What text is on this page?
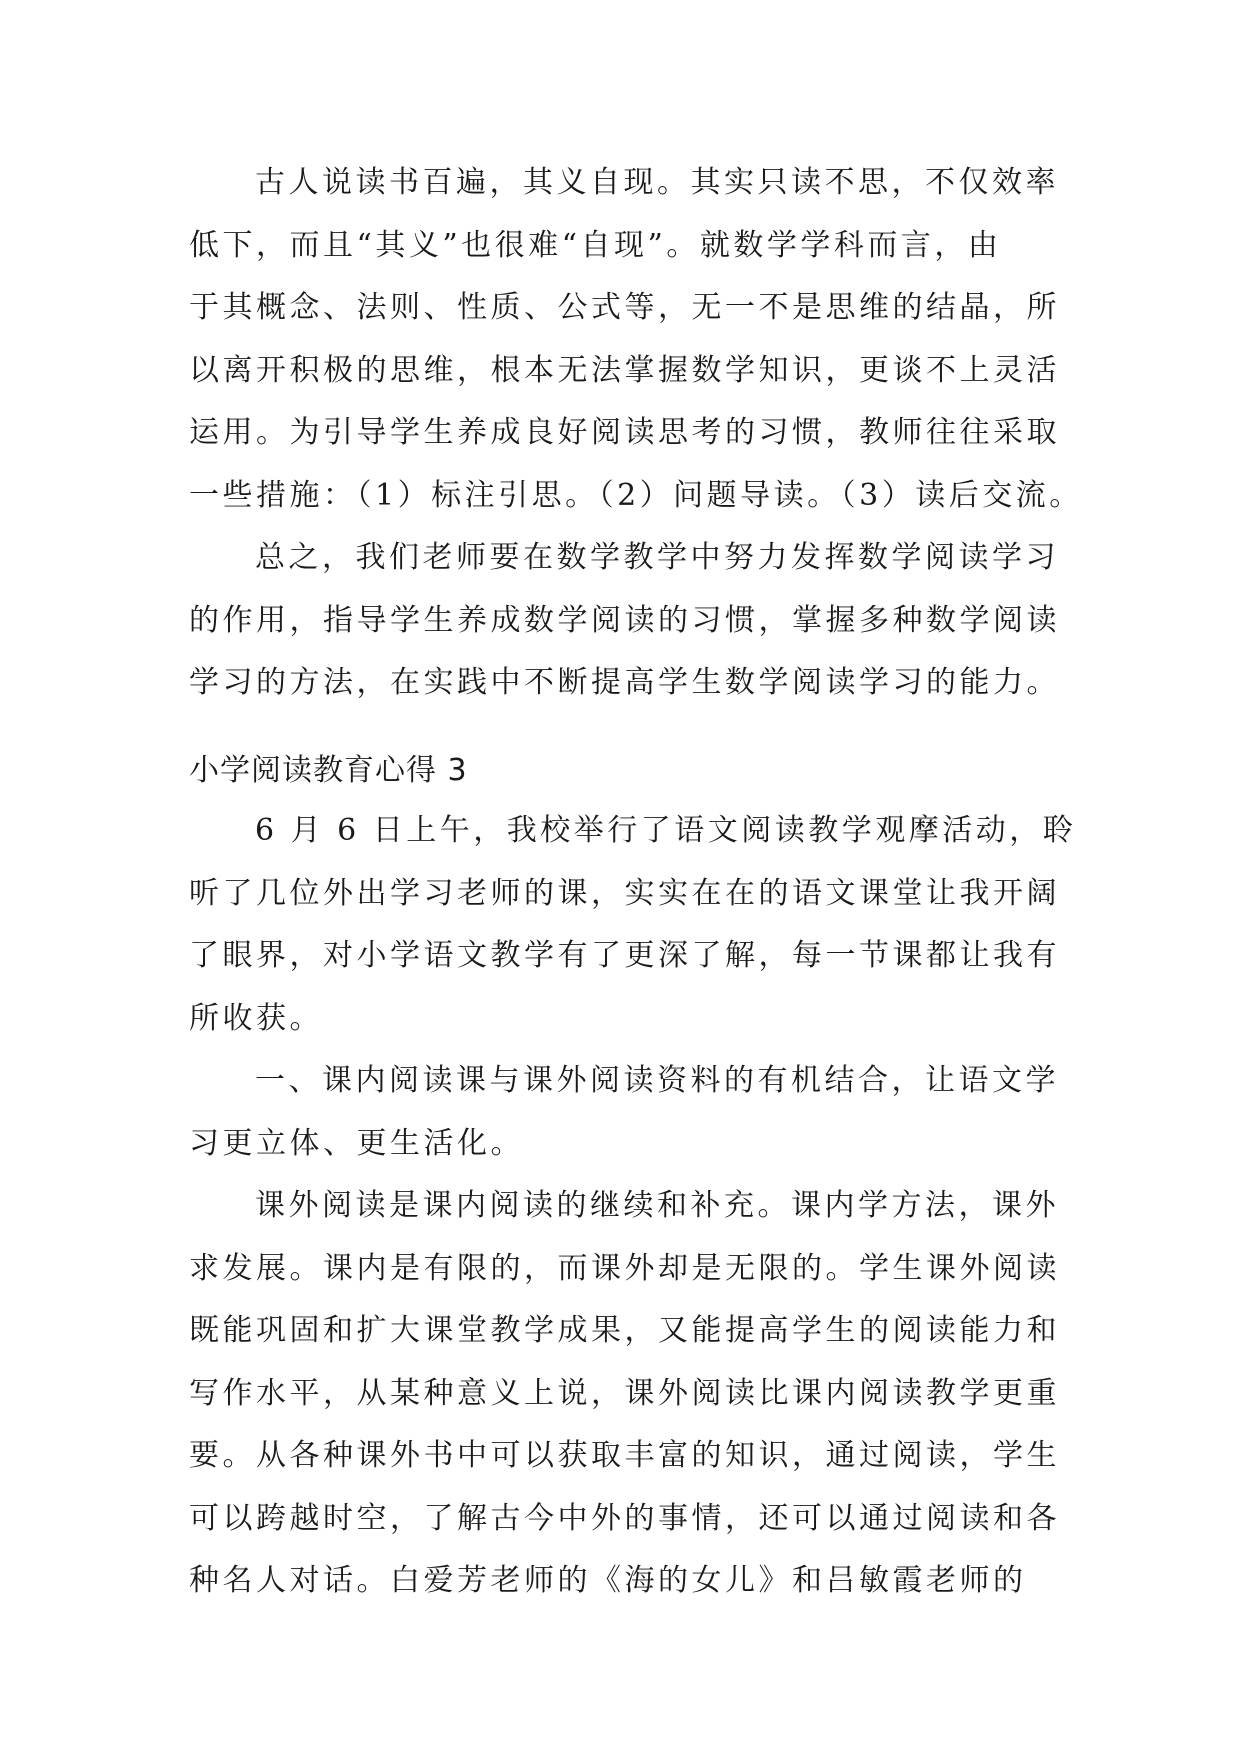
古人说读书百遍，其义自现。其实只读不思，不仅效率
低下，而且“其义”也很难“自现”。就数学学科而言，由
于其概念、法则、性质、公式等，无一不是思维的结晶，所
以离开积极的思维，根本无法掌握数学知识，更谈不上灵活
运用。为引导学生养成良好阅读思考的习惯，教师往往采取
一些措施：（1）标注引思。（2）问题导读。（3）读后交流。
总之，我们老师要在数学教学中努力发挥数学阅读学习
的作用，指导学生养成数学阅读的习惯，掌握多种数学阅读
学习的方法，在实践中不断提高学生数学阅读学习的能力。
小学阅读教育心得 3
6 月 6 日上午，我校举行了语文阅读教学观摩活动，聆
听了几位外出学习老师的课，实实在在的语文课堂让我开阔
了眼界，对小学语文教学有了更深了解，每一节课都让我有
所收获。
一、课内阅读课与课外阅读资料的有机结合，让语文学
习更立体、更生活化。
课外阅读是课内阅读的继续和补充。课内学方法，课外
求发展。课内是有限的，而课外却是无限的。学生课外阅读
既能巩固和扩大课堂教学成果，又能提高学生的阅读能力和
写作水平，从某种意义上说，课外阅读比课内阅读教学更重
要。从各种课外书中可以获取丰富的知识，通过阅读，学生
可以跨越时空，了解古今中外的事情，还可以通过阅读和各
种名人对话。白爱芳老师的《海的女儿》和吕敏霞老师的
